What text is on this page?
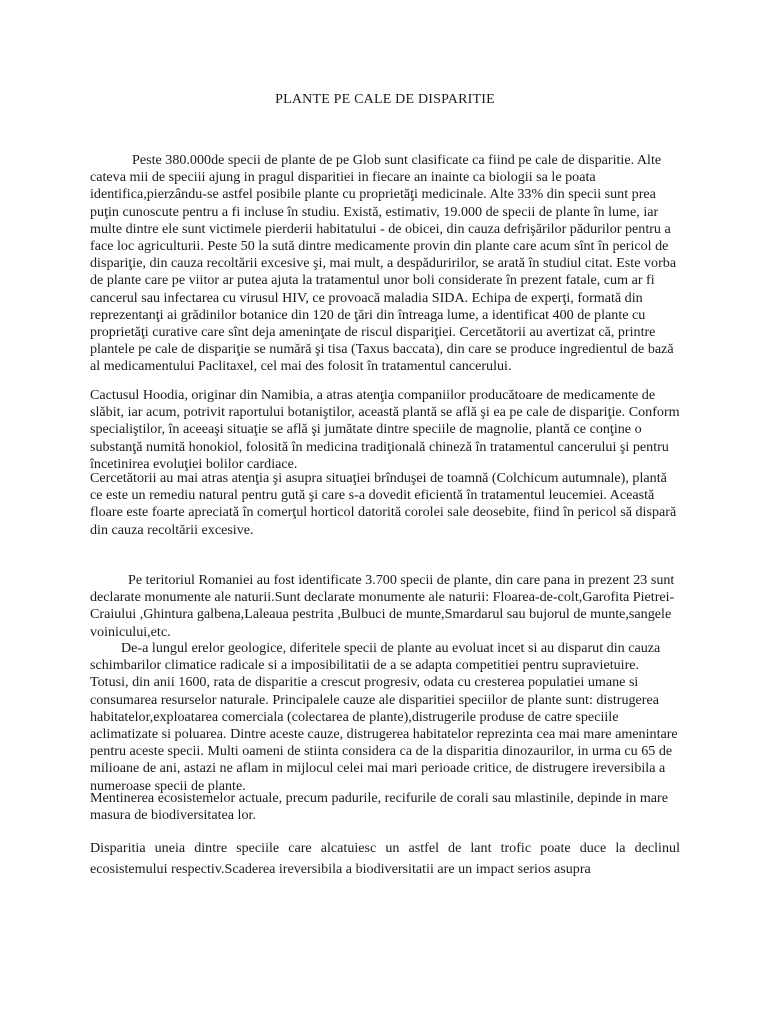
PLANTE PE CALE DE DISPARITIE

Peste 380.000de specii de plante de pe Glob sunt clasificate ca fiind pe cale de disparitie. Alte cateva mii de speciii ajung in pragul disparitiei in fiecare an inainte ca biologii sa le poata identifica,pierzându-se astfel posibile plante cu proprietăţi medicinale. Alte 33% din specii sunt prea puţin cunoscute pentru a fi incluse în studiu. Există, estimativ, 19.000 de specii de plante în lume, iar multe dintre ele sunt victimele pierderii habitatului - de obicei, din cauza defrişărilor pădurilor pentru a face loc agriculturii. Peste 50 la sută dintre medicamente provin din plante care acum sînt în pericol de dispariţie, din cauza recoltării excesive şi, mai mult, a despăduririlor, se arată în studiul citat. Este vorba de plante care pe viitor ar putea ajuta la tratamentul unor boli considerate în prezent fatale, cum ar fi cancerul sau infectarea cu virusul HIV, ce provoacă maladia SIDA. Echipa de experţi, formată din reprezentanţi ai grădinilor botanice din 120 de ţări din întreaga lume, a identificat 400 de plante cu proprietăţi curative care sînt deja ameninţate de riscul dispariţiei. Cercetătorii au avertizat că, printre plantele pe cale de dispariţie se numără şi tisa (Taxus baccata), din care se produce ingredientul de bază al medicamentului Paclitaxel, cel mai des folosit în tratamentul cancerului.

Cactusul Hoodia, originar din Namibia, a atras atenţia companiilor producătoare de medicamente de slăbit, iar acum, potrivit raportului botaniştilor, această plantă se află şi ea pe cale de dispariţie. Conform specialiştilor, în aceeaşi situaţie se află şi jumătate dintre speciile de magnolie, plantă ce conţine o substanţă numită honokiol, folosită în medicina tradiţională chineză în tratamentul cancerului şi pentru încetinirea evoluţiei bolilor cardiace.

Cercetătorii au mai atras atenţia şi asupra situaţiei brînduşei de toamnă (Colchicum autumnale), plantă ce este un remediu natural pentru gută şi care s-a dovedit eficientă în tratamentul leucemiei. Această floare este foarte apreciată în comerţul horticol datorită corolei sale deosebite, fiind în pericol să dispară din cauza recoltării excesive.

Pe teritoriul Romaniei au fost identificate 3.700 specii de plante, din care pana in prezent 23 sunt declarate monumente ale naturii.Sunt declarate monumente ale naturii: Floarea-de-colt,Garofita Pietrei- Craiului ,Ghintura galbena,Laleaua pestrita ,Bulbuci de munte,Smardarul sau bujorul de munte,sangele voinicului,etc.

De-a lungul erelor geologice, diferitele specii de plante au evoluat incet si au disparut din cauza schimbarilor climatice radicale si a imposibilitatii de a se adapta competitiei pentru supravietuire. Totusi, din anii 1600, rata de disparitie a crescut progresiv, odata cu cresterea populatiei umane si consumarea resurselor naturale. Principalele cauze ale disparitiei speciilor de plante sunt: distrugerea habitatelor,exploatarea comerciala (colectarea de plante),distrugerile produse de catre speciile aclimatizate si poluarea. Dintre aceste cauze, distrugerea habitatelor reprezinta cea mai mare amenintare pentru aceste specii. Multi oameni de stiinta considera ca de la disparitia dinozaurilor, in urma cu 65 de milioane de ani, astazi ne aflam in mijlocul celei mai mari perioade critice, de distrugere ireversibila a numeroase specii de plante.

Mentinerea ecosistemelor actuale, precum padurile, recifurile de corali sau mlastinile, depinde in mare masura de biodiversitatea lor.

Disparitia uneia dintre speciile care alcatuiesc un astfel de lant trofic poate duce la declinul ecosistemului respectiv.Scaderea ireversibila a biodiversitatii are un impact serios asupra
